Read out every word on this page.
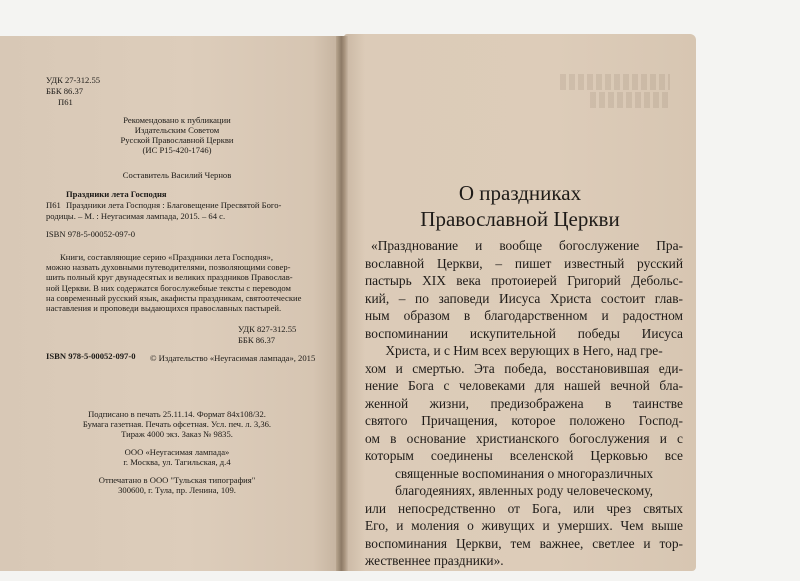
УДК 27-312.55
ББК 86.37
П61
Рекомендовано к публикации
Издательским Советом
Русской Православной Церкви
(ИС Р15-420-1746)
Составитель Василий Чернов
Праздники лета Господня
П61 Праздники лета Господня : Благовещение Пресвятой Бого-
родицы. – М. : Неугасимая лампада, 2015. – 64 с.
ISBN 978-5-00052-097-0
Книги, составляющие серию «Праздники лета Господня»,
можно назвать духовными путеводителями, позволяющими совер-
шить полный круг двунадесятых и великих праздников Православ-
ной Церкви. В них содержатся богослужебные тексты с переводом
на современный русский язык, акафисты праздникам, святоотеческие
наставления и проповеди выдающихся православных пастырей.
УДК 827-312.55
ББК 86.37
ISBN 978-5-00052-097-0 © Издательство «Неугасимая лампада», 2015
Подписано в печать 25.11.14. Формат 84х108/32.
Бумага газетная. Печать офсетная. Усл. печ. л. 3,36.
Тираж 4000 экз. Заказ № 9835.
ООО «Неугасимая лампада»
г. Москва, ул. Тагильская, д.4
Отпечатано в ООО "Тульская типография"
300600, г. Тула, пр. Ленина, 109.
О праздниках
Православной Церкви
«Празднование и вообще богослужение Пра-
вославной Церкви, – пишет известный русский
пастырь XIX века протоиерей Григорий Дебольс-
кий, – по заповеди Иисуса Христа состоит глав-
ным образом в благодарственном и радостном
воспоминании искупительной победы Иисуса
Христа, и с Ним всех верующих в Него, над гре-
хом и смертью. Эта победа, восстановившая еди-
нение Бога с человеками для нашей вечной бла-
женной жизни, предизображена в таинстве
святого Причащения, которое положено Господ-
ом в основание христианского богослужения и с
которым соединены вселенской Церковью все
священные воспоминания о многоразличных
благодеяниях, явленных роду человеческому,
или непосредственно от Бога, или чрез святых
Его, и моления о живущих и умерших. Чем выше
воспоминания Церкви, тем важнее, светлее и тор-
жественнее праздники».
